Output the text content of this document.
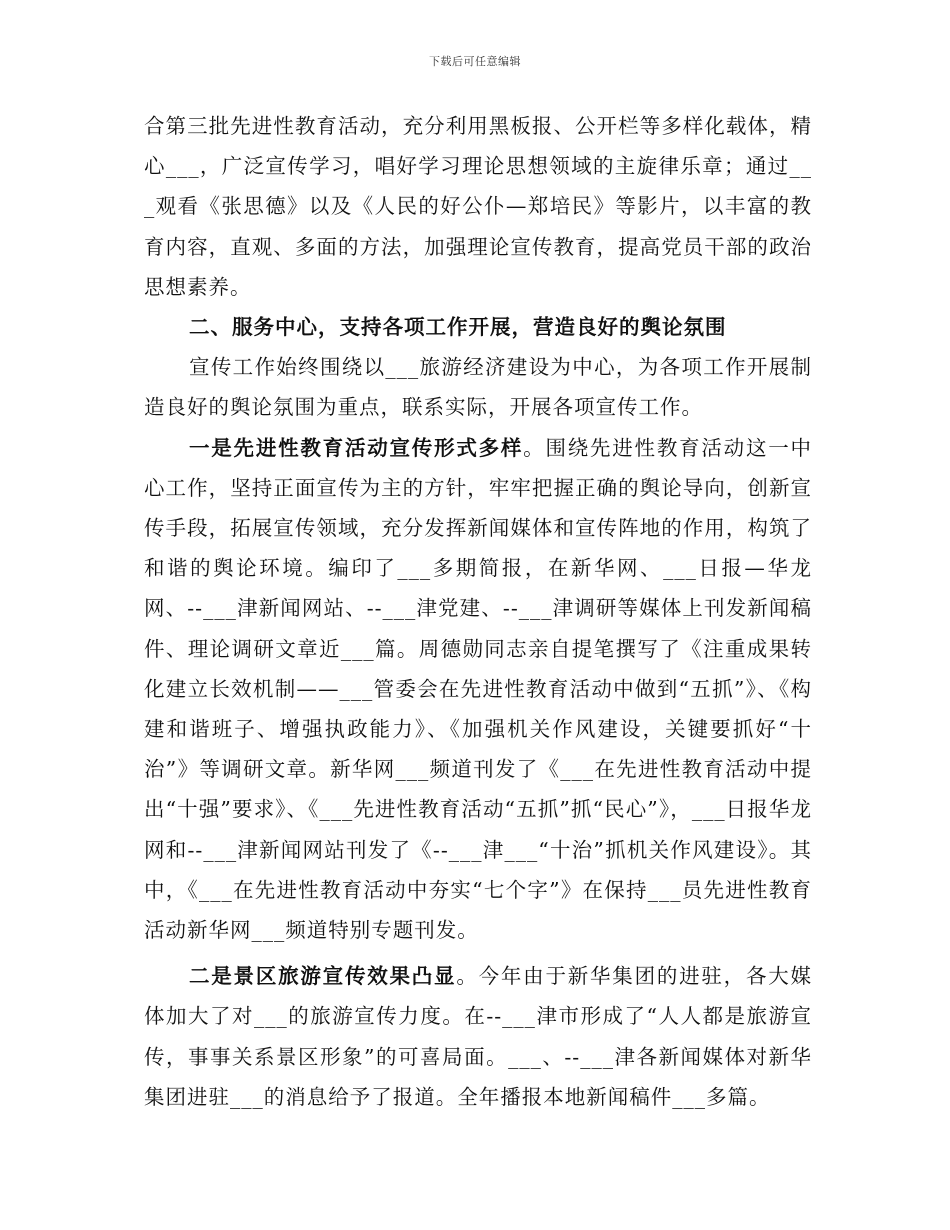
下载后可任意编辑

合第三批先进性教育活动，充分利用黑板报、公开栏等多样化载体，精心___，广泛宣传学习，唱好学习理论思想领域的主旋律乐章；通过___观看《张思德》以及《人民的好公仆—郑培民》等影片，以丰富的教育内容，直观、多面的方法，加强理论宣传教育，提高党员干部的政治思想素养。

二、服务中心，支持各项工作开展，营造良好的舆论氛围

宣传工作始终围绕以___旅游经济建设为中心，为各项工作开展制造良好的舆论氛围为重点，联系实际，开展各项宣传工作。

一是先进性教育活动宣传形式多样。围绕先进性教育活动这一中心工作，坚持正面宣传为主的方针，牢牢把握正确的舆论导向，创新宣传手段，拓展宣传领域，充分发挥新闻媒体和宣传阵地的作用，构筑了和谐的舆论环境。编印了___多期简报，在新华网、___日报—华龙网、--___津新闻网站、--___津党建、--___津调研等媒体上刊发新闻稿件、理论调研文章近___篇。周德勋同志亲自提笔撰写了《注重成果转化建立长效机制——___管委会在先进性教育活动中做到“五抓”》、《构建和谐班子、增强执政能力》、《加强机关作风建设，关键要抓好“十治”》等调研文章。新华网___频道刊发了《___在先进性教育活动中提出“十强”要求》、《___先进性教育活动“五抓”抓“民心”》，___日报华龙网和--___津新闻网站刊发了《--___津___“十治”抓机关作风建设》。其中，《___在先进性教育活动中夯实“七个字”》在保持___员先进性教育活动新华网___频道特别专题刊发。

二是景区旅游宣传效果凸显。今年由于新华集团的进驻，各大媒体加大了对___的旅游宣传力度。在--___津市形成了“人人都是旅游宣传，事事关系景区形象”的可喜局面。___、--___津各新闻媒体对新华集团进驻___的消息给予了报道。全年播报本地新闻稿件___多篇。
